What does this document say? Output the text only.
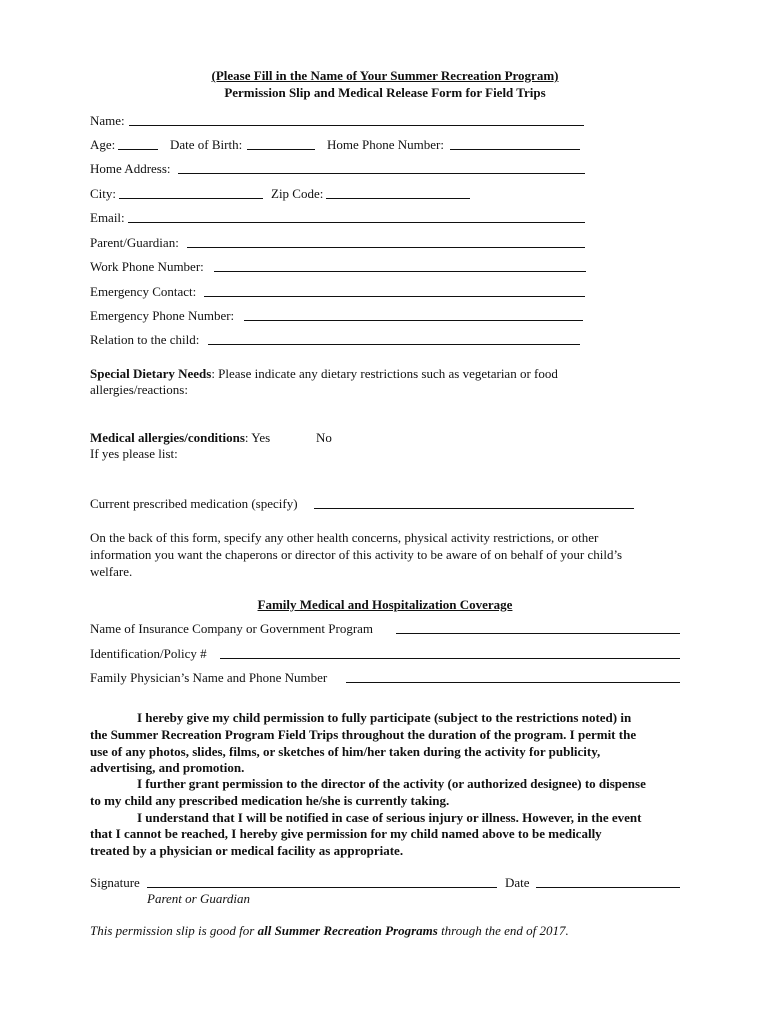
(Please Fill in the Name of Your Summer Recreation Program)
Permission Slip and Medical Release Form for Field Trips
Name:
Age:	Date of Birth:	Home Phone Number:
Home Address:
City:	Zip Code:
Email:
Parent/Guardian:
Work Phone Number:
Emergency Contact:
Emergency Phone Number:
Relation to the child:
Special Dietary Needs: Please indicate any dietary restrictions such as vegetarian or food
allergies/reactions:
Medical allergies/conditions: Yes	No
If yes please list:
Current prescribed medication (specify)
On the back of this form, specify any other health concerns, physical activity restrictions, or other
information you want the chaperons or director of this activity to be aware of on behalf of your child’s
welfare.
Family Medical and Hospitalization Coverage
Name of Insurance Company or Government Program
Identification/Policy #
Family Physician’s Name and Phone Number
I hereby give my child permission to fully participate (subject to the restrictions noted) in
the Summer Recreation Program Field Trips throughout the duration of the program. I permit the
use of any photos, slides, films, or sketches of him/her taken during the activity for publicity,
advertising, and promotion.
I further grant permission to the director of the activity (or authorized designee) to dispense
to my child any prescribed medication he/she is currently taking.
I understand that I will be notified in case of serious injury or illness. However, in the event
that I cannot be reached, I hereby give permission for my child named above to be medically
treated by a physician or medical facility as appropriate.
Signature	Date
Parent or Guardian
This permission slip is good for all Summer Recreation Programs through the end of 2017.
